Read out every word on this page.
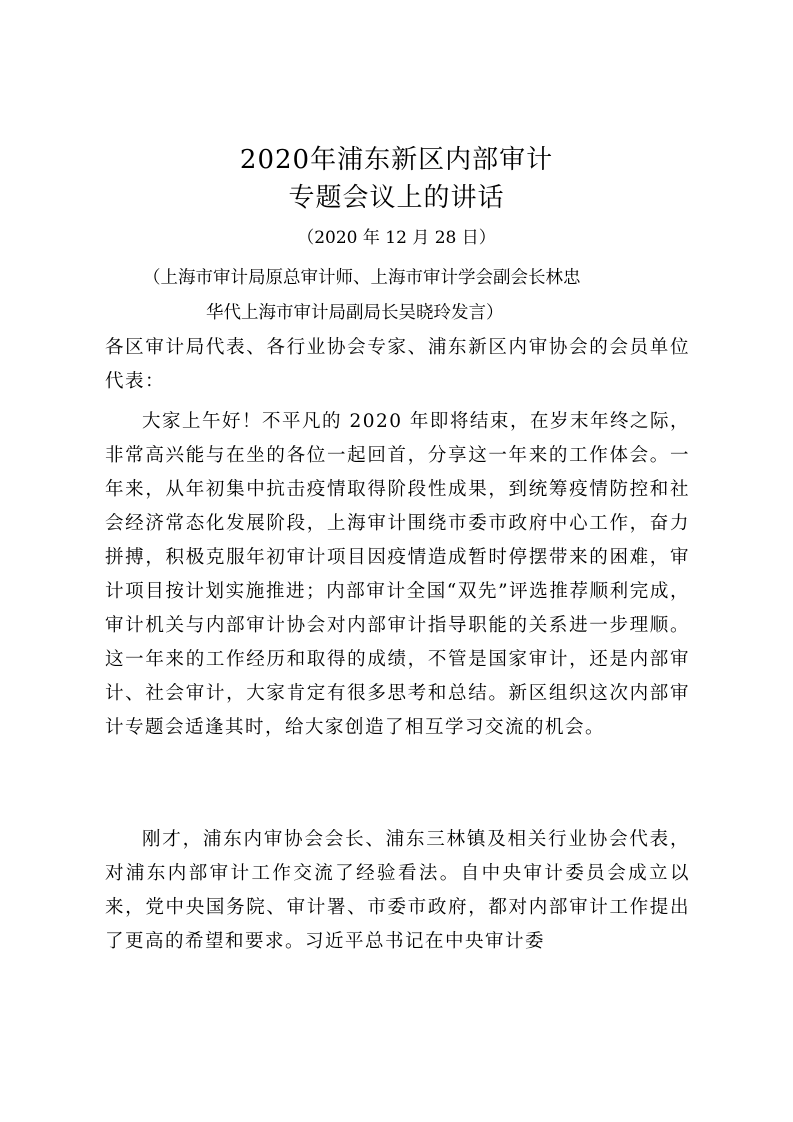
2020年浦东新区内部审计
专题会议上的讲话
（2020 年 12 月 28 日）
（上海市审计局原总审计师、上海市审计学会副会长林忠
华代上海市审计局副局长吴晓玲发言）

各区审计局代表、各行业协会专家、浦东新区内审协会的会员单位代表：

大家上午好！不平凡的 2020 年即将结束，在岁末年终之际，非常高兴能与在坐的各位一起回首，分享这一年来的工作体会。一年来，从年初集中抗击疫情取得阶段性成果，到统筹疫情防控和社会经济常态化发展阶段，上海审计围绕市委市政府中心工作，奋力拼搏，积极克服年初审计项目因疫情造成暂时停摆带来的困难，审计项目按计划实施推进；内部审计全国“双先”评选推荐顺利完成，审计机关与内部审计协会对内部审计指导职能的关系进一步理顺。这一年来的工作经历和取得的成绩，不管是国家审计，还是内部审计、社会审计，大家肯定有很多思考和总结。新区组织这次内部审计专题会适逢其时，给大家创造了相互学习交流的机会。

刚才，浦东内审协会会长、浦东三林镇及相关行业协会代表，对浦东内部审计工作交流了经验看法。自中央审计委员会成立以来，党中央国务院、审计署、市委市政府，都对内部审计工作提出了更高的希望和要求。习近平总书记在中央审计委
